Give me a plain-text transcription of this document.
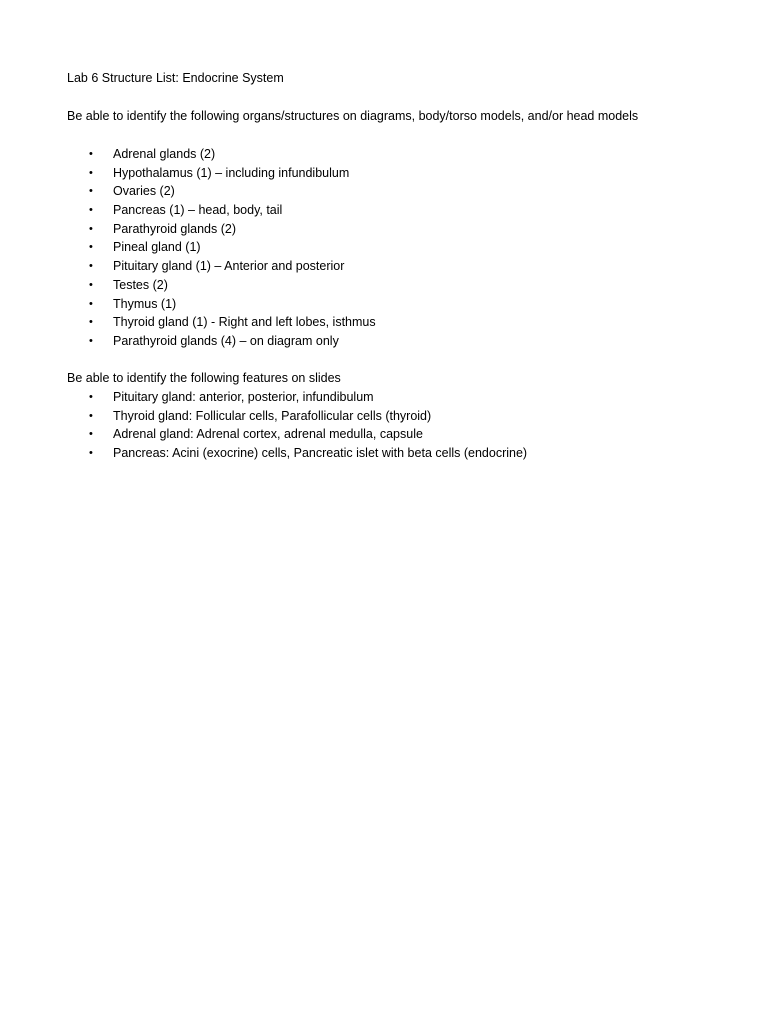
Lab 6 Structure List: Endocrine System
Be able to identify the following organs/structures on diagrams, body/torso models, and/or head models
•	Adrenal glands (2)
•	Hypothalamus (1) – including infundibulum
•	Ovaries (2)
•	Pancreas (1) – head, body, tail
•	Parathyroid glands (2)
•	Pineal gland (1)
•	Pituitary gland (1) – Anterior and posterior
•	Testes (2)
•	Thymus (1)
•	Thyroid gland (1) - Right and left lobes, isthmus
•	Parathyroid glands (4) – on diagram only
Be able to identify the following features on slides
•	Pituitary gland: anterior, posterior, infundibulum
•	Thyroid gland: Follicular cells, Parafollicular cells (thyroid)
•	Adrenal gland: Adrenal cortex, adrenal medulla, capsule
•	Pancreas: Acini (exocrine) cells, Pancreatic islet with beta cells (endocrine)
